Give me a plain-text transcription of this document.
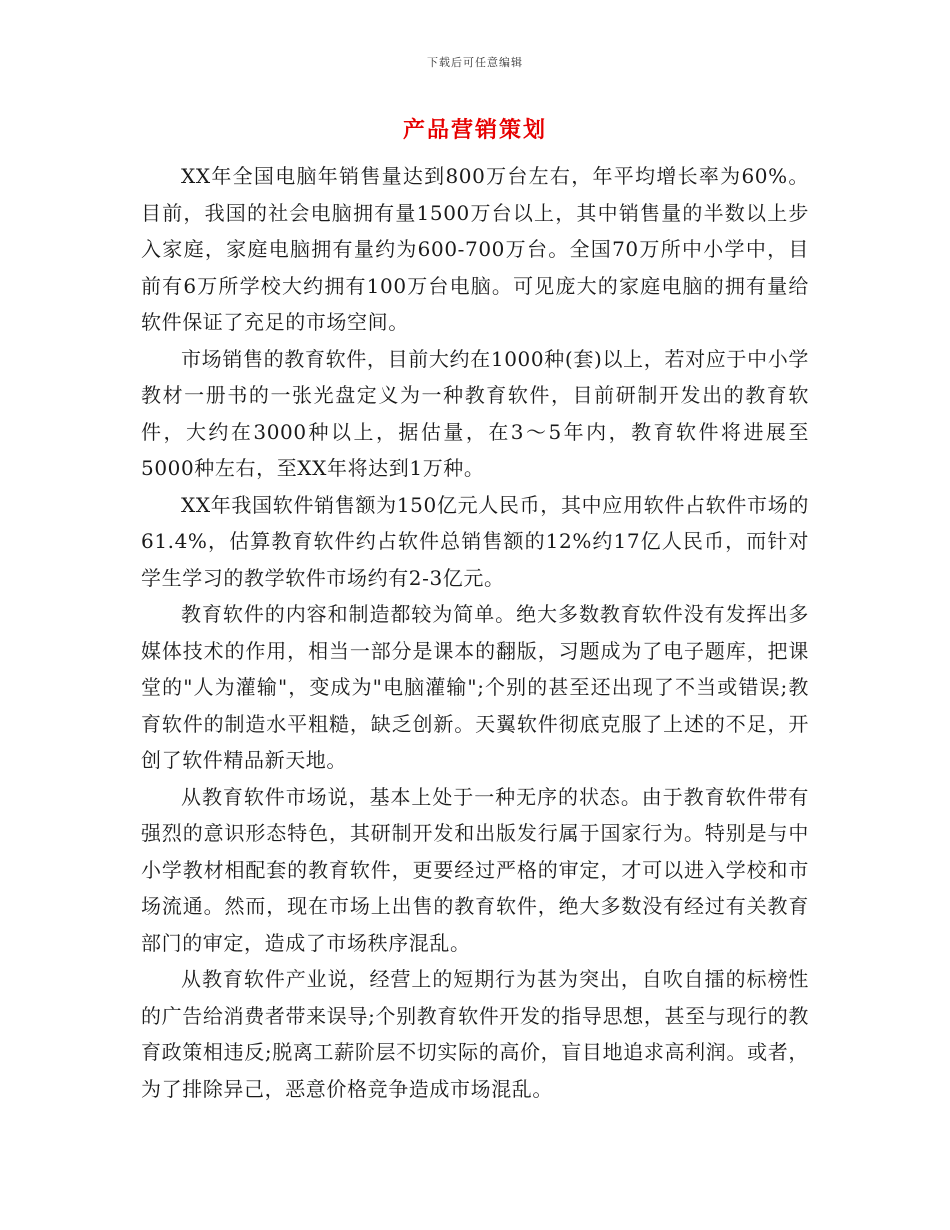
下载后可任意编辑
产品营销策划

XX年全国电脑年销售量达到800万台左右，年平均增长率为60%。目前，我国的社会电脑拥有量1500万台以上，其中销售量的半数以上步入家庭，家庭电脑拥有量约为600-700万台。全国70万所中小学中，目前有6万所学校大约拥有100万台电脑。可见庞大的家庭电脑的拥有量给软件保证了充足的市场空间。

市场销售的教育软件，目前大约在1000种(套)以上，若对应于中小学教材一册书的一张光盘定义为一种教育软件，目前研制开发出的教育软件，大约在3000种以上，据估量，在3～5年内，教育软件将进展至5000种左右，至XX年将达到1万种。

XX年我国软件销售额为150亿元人民币，其中应用软件占软件市场的61.4%，估算教育软件约占软件总销售额的12%约17亿人民币，而针对学生学习的教学软件市场约有2-3亿元。

教育软件的内容和制造都较为简单。绝大多数教育软件没有发挥出多媒体技术的作用，相当一部分是课本的翻版，习题成为了电子题库，把课堂的"人为灌输"，变成为"电脑灌输";个别的甚至还出现了不当或错误;教育软件的制造水平粗糙，缺乏创新。天翼软件彻底克服了上述的不足，开创了软件精品新天地。

从教育软件市场说，基本上处于一种无序的状态。由于教育软件带有强烈的意识形态特色，其研制开发和出版发行属于国家行为。特别是与中小学教材相配套的教育软件，更要经过严格的审定，才可以进入学校和市场流通。然而，现在市场上出售的教育软件，绝大多数没有经过有关教育部门的审定，造成了市场秩序混乱。

从教育软件产业说，经营上的短期行为甚为突出，自吹自擂的标榜性的广告给消费者带来误导;个别教育软件开发的指导思想，甚至与现行的教育政策相违反;脱离工薪阶层不切实际的高价，盲目地追求高利润。或者，为了排除异己，恶意价格竞争造成市场混乱。
